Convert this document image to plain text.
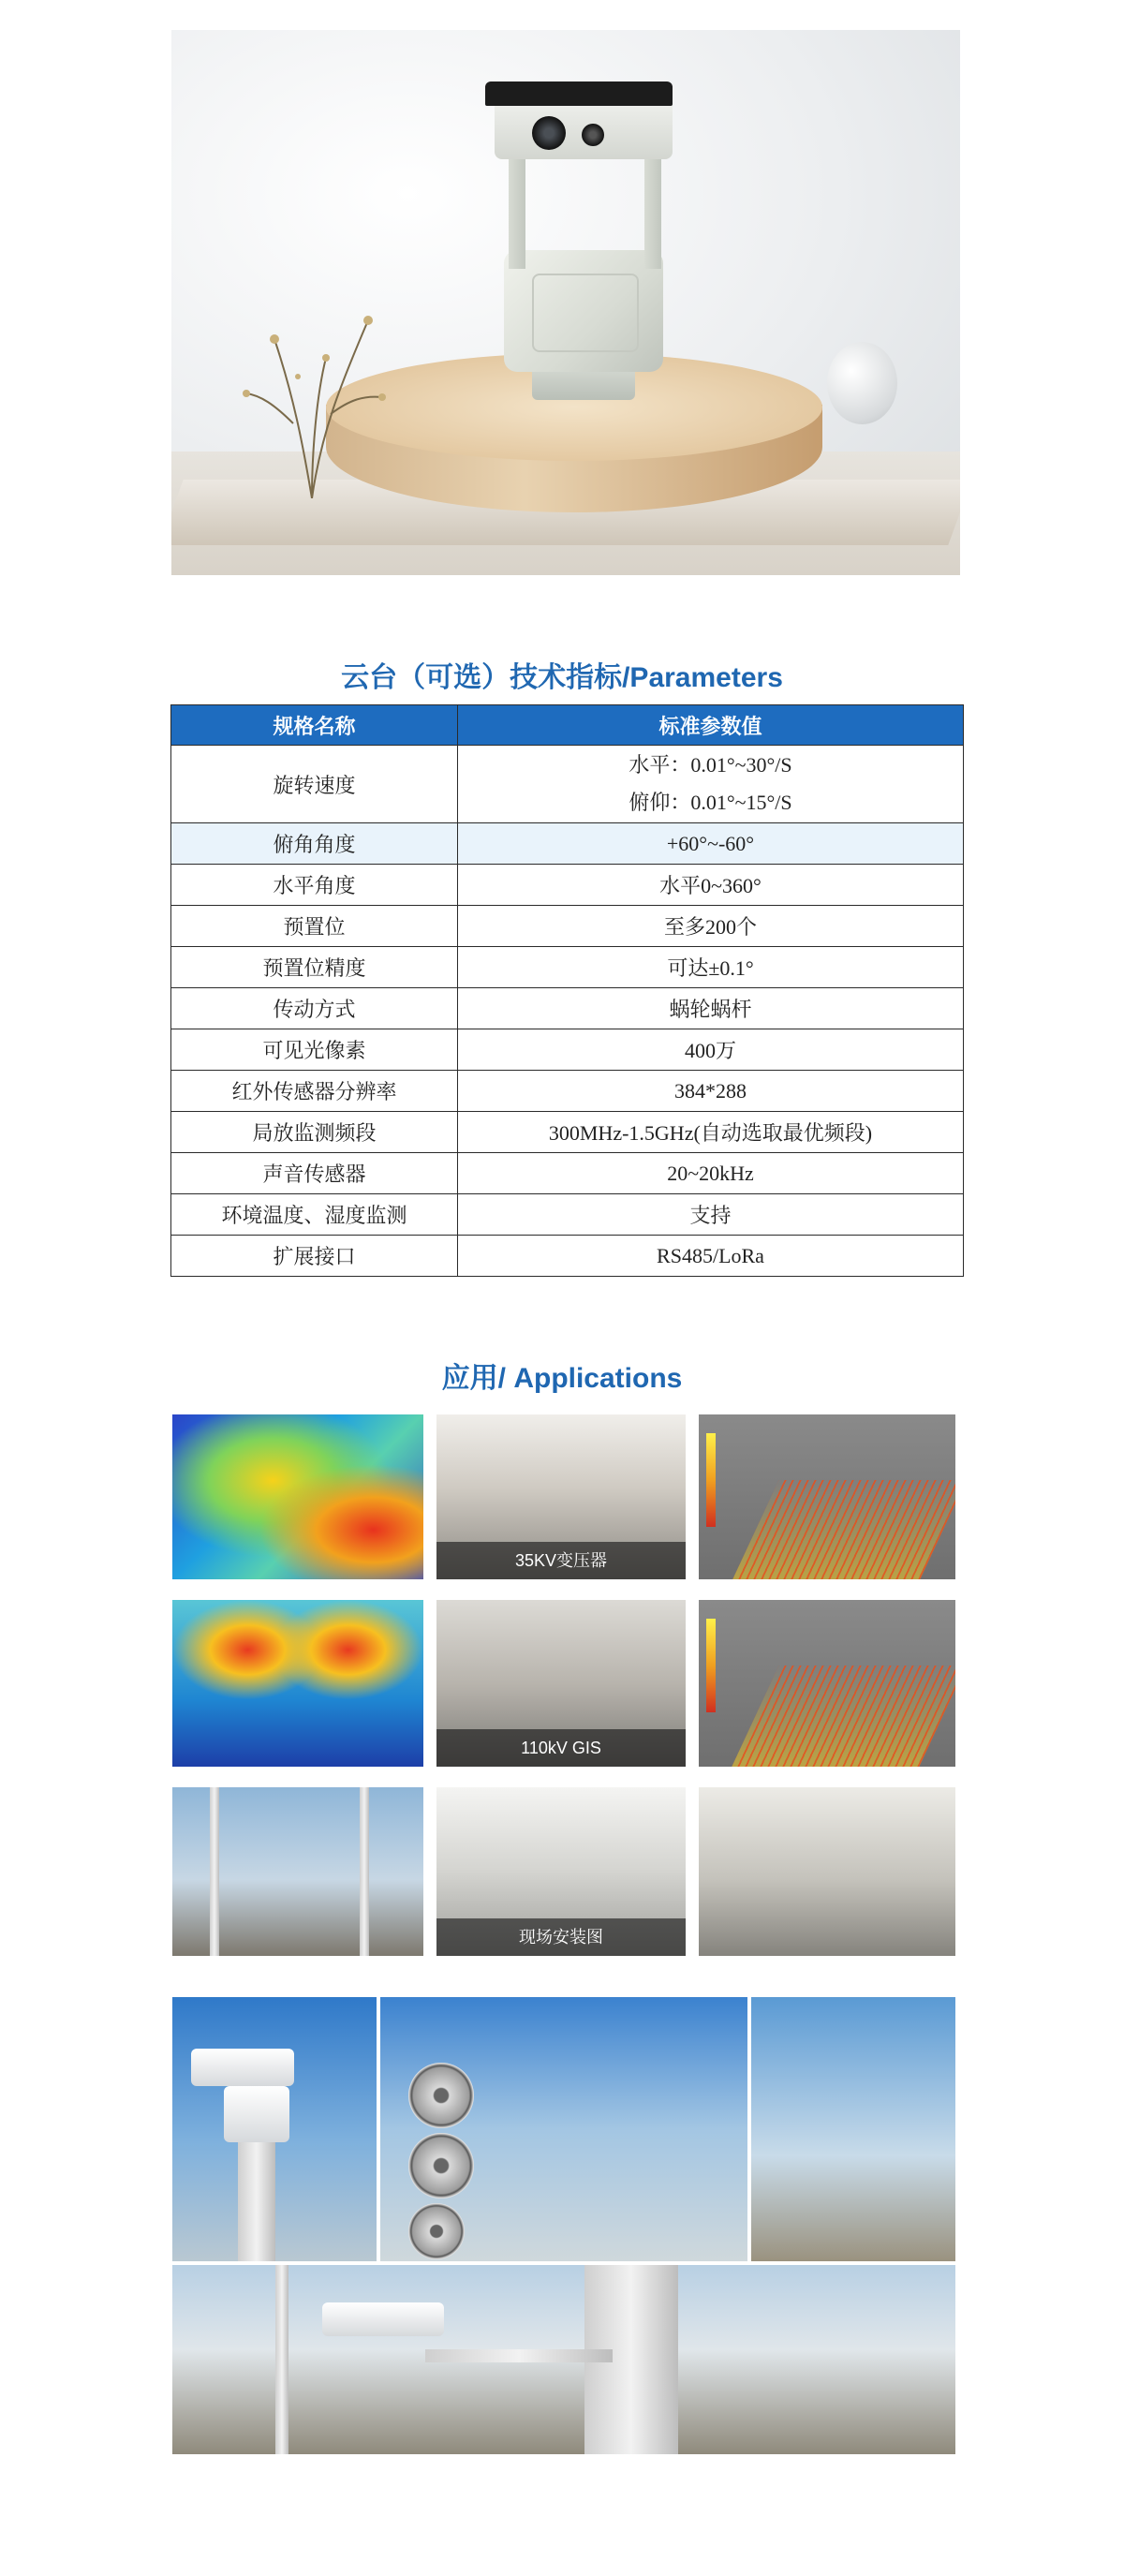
云台（可选）技术指标/Parameters
规格名称	标准参数值
旋转速度	水平：0.01°~30°/S
俯仰：0.01°~15°/S

俯角角度	+60°~-60°
水平角度	水平0~360°
预置位	至多200个
预置位精度	可达±0.1°
传动方式	蜗轮蜗杆
可见光像素	400万
红外传感器分辨率	384*288
局放监测频段	300MHz-1.5GHz(自动选取最优频段)
声音传感器	20~20kHz
环境温度、湿度监测	支持
扩展接口	RS485/LoRa
应用/ Applications
35KV变压器
110kV GIS
现场安装图
